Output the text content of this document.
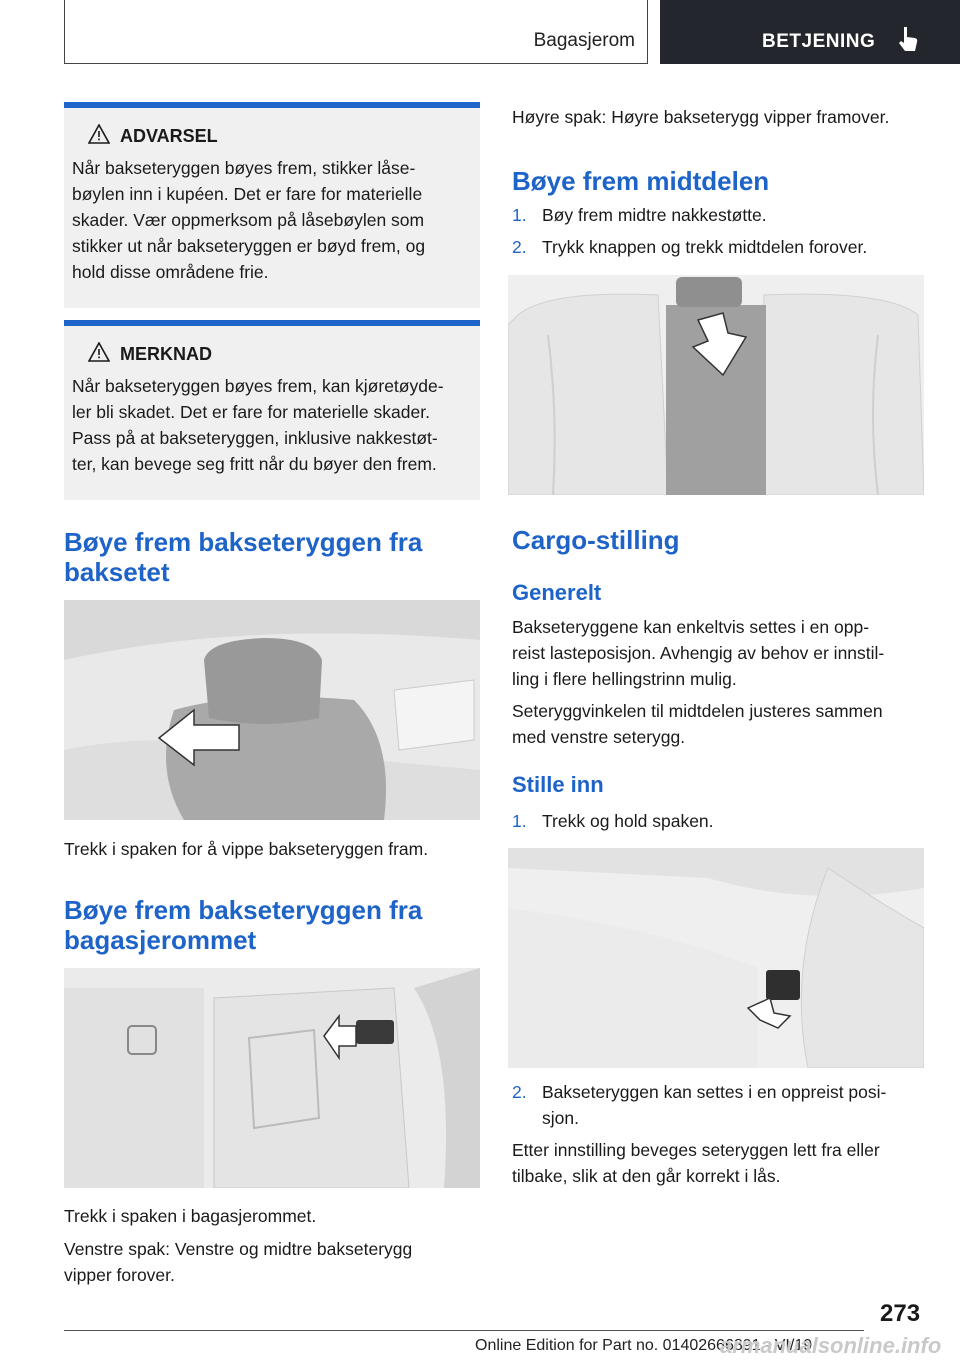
Bagasjerom	BETJENING
ADVARSEL
Når bakseteryggen bøyes frem, stikker låse‐
bøylen inn i kupéen. Det er fare for materielle
skader. Vær oppmerksom på låsebøylen som
stikker ut når bakseteryggen er bøyd frem, og
hold disse områdene frie.
MERKNAD
Når bakseteryggen bøyes frem, kan kjøretøyde‐
ler bli skadet. Det er fare for materielle skader.
Pass på at bakseteryggen, inklusive nakkestøt‐
ter, kan bevege seg fritt når du bøyer den frem.
Bøye frem bakseteryggen fra
baksetet
Trekk i spaken for å vippe bakseteryggen fram.
Bøye frem bakseteryggen fra
bagasjerommet
Trekk i spaken i bagasjerommet.
Venstre spak: Venstre og midtre bakseterygg
vipper forover.
Høyre spak: Høyre bakseterygg vipper framover.
Bøye frem midtdelen
1. Bøy frem midtre nakkestøtte.
2. Trykk knappen og trekk midtdelen forover.
Cargo-stilling
Generelt
Bakseteryggene kan enkeltvis settes i en opp‐
reist lasteposisjon. Avhengig av behov er innstil‐
ling i flere hellingstrinn mulig.
Seteryggvinkelen til midtdelen justeres sammen
med venstre seterygg.
Stille inn
1. Trekk og hold spaken.
2. Bakseteryggen kan settes i en oppreist posi‐
sjon.
Etter innstilling beveges seteryggen lett fra eller
tilbake, slik at den går korrekt i lås.
273
Online Edition for Part no. 01402666891 - VI/19
armanualsonline.info
